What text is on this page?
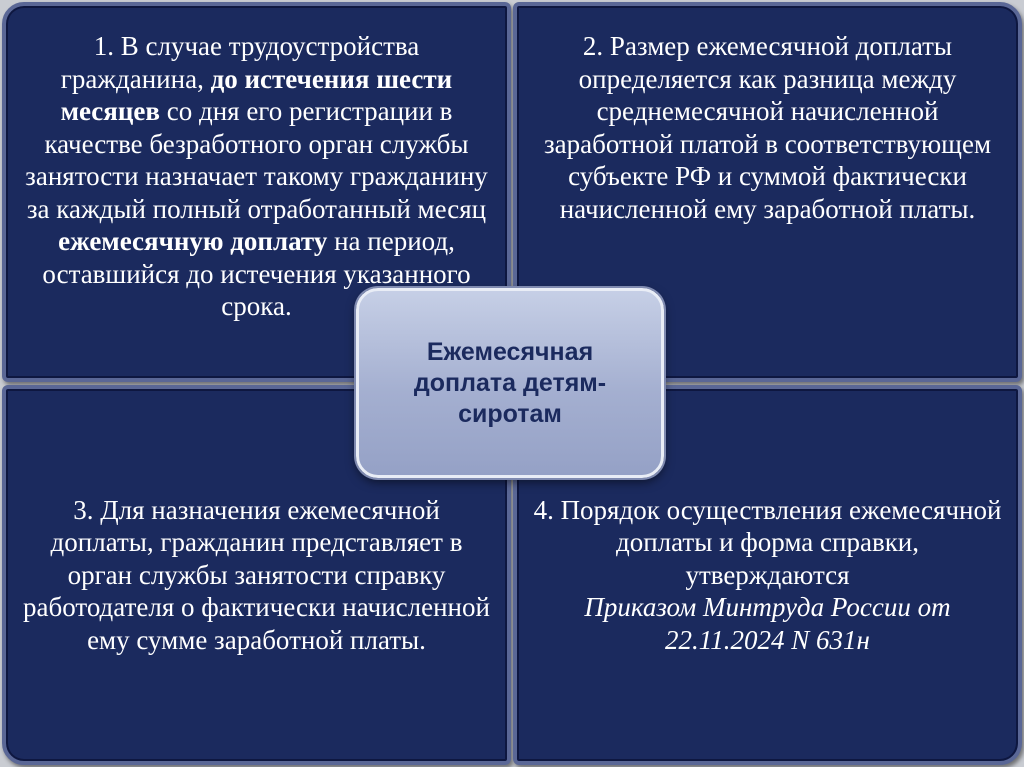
1. В случае трудоустройства гражданина, до истечения шести месяцев со дня его регистрации в качестве безработного орган службы занятости назначает такому гражданину за каждый полный отработанный месяц ежемесячную доплату на период, оставшийся до истечения указанного срока.
2. Размер ежемесячной доплаты определяется как разница между среднемесячной начисленной заработной платой в соответствующем субъекте РФ и суммой фактически начисленной ему заработной платы.
3. Для назначения ежемесячной доплаты, гражданин представляет в орган службы занятости справку работодателя о фактически начисленной ему сумме заработной платы.
4. Порядок осуществления ежемесячной доплаты и форма справки, утверждаются
Приказом Минтруда России от 22.11.2024 N 631н
Ежемесячная доплата детям-сиротам
